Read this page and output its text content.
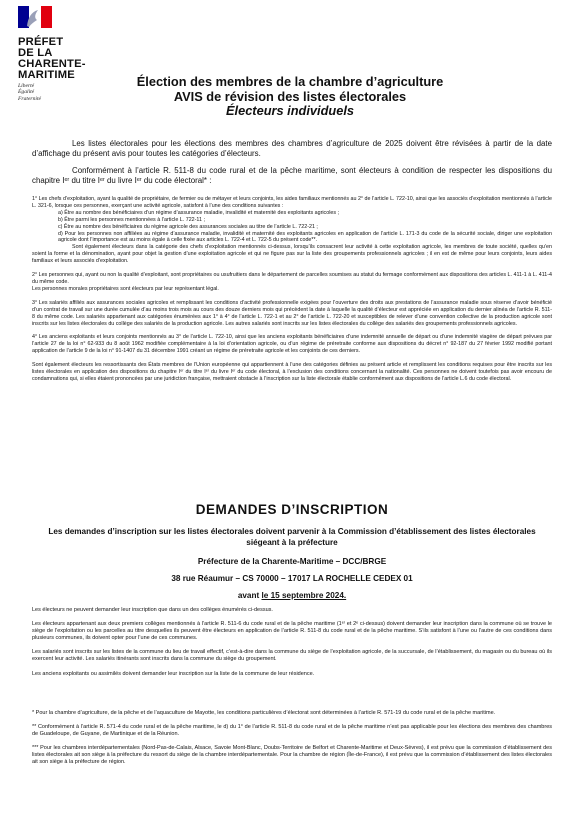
PRÉFET
DE LA
CHARENTE-
MARITIME
Liberté
Égalité
Fraternité
Élection des membres de la chambre d’agriculture
AVIS de révision des listes électorales
Électeurs individuels

Les listes électorales pour les élections des membres des chambres d’agriculture de 2025 doivent être révisées à partir de la date d’affichage du présent avis pour toutes les catégories d’électeurs.

Conformément à l’article R. 511-8 du code rural et de la pêche maritime, sont électeurs à condition de respecter les dispositions du chapitre Iᵉʳ du titre Iᵉʳ du livre Iᵉʳ du code électoral* :

1° Les chefs d’exploitation, ayant la qualité de propriétaire, de fermier ou de métayer et leurs conjoints, les aides familiaux mentionnés au 2° de l’article L. 722-10, ainsi que les associés d’exploitation mentionnés à l’article L. 321-6, lorsque ces personnes, exerçant une activité agricole, satisfont à l’une des conditions suivantes :

a) Être au nombre des bénéficiaires d’un régime d’assurance maladie, invalidité et maternité des exploitants agricoles ;

b) Être parmi les personnes mentionnées à l’article L. 722-11 ;

c) Être au nombre des bénéficiaires du régime agricole des assurances sociales au titre de l’article L. 722-21 ;

d) Pour les personnes non affiliées au régime d’assurance maladie, invalidité et maternité des exploitants agricoles en application de l’article L. 171-3 du code de la sécurité sociale, diriger une exploitation agricole dont l’importance est au moins égale à celle fixée aux articles L. 722-4 et L. 722-5 du présent code**.

Sont également électeurs dans la catégorie des chefs d’exploitation mentionnés ci-dessus, lorsqu’ils consacrent leur activité à cette exploitation agricole, les membres de toute société, quelles qu’en soient la forme et la dénomination, ayant pour objet la gestion d’une exploitation agricole et qui ne figure pas sur la liste des groupements professionnels agricoles ; il en est de même pour leurs conjoints, leurs aides familiaux et leurs associés d’exploitation.

2° Les personnes qui, ayant ou non la qualité d’exploitant, sont propriétaires ou usufruitiers dans le département de parcelles soumises au statut du fermage conformément aux dispositions des articles L. 411-1 à L. 411-4 du même code.

Les personnes morales propriétaires sont électeurs par leur représentant légal.

3° Les salariés affiliés aux assurances sociales agricoles et remplissant les conditions d’activité professionnelle exigées pour l’ouverture des droits aux prestations de l’assurance maladie sous réserve d’avoir bénéficié d’un contrat de travail sur une durée cumulée d’au moins trois mois au cours des douze derniers mois qui précèdent la date à laquelle la qualité d’électeur est appréciée en application du dernier alinéa de l’article R. 511-8 du même code. Les salariés appartenant aux catégories énumérées aux 1° à 4° de l’article L. 722-1 et au 2° de l’article L. 722-20 et susceptibles de relever d’une convention collective de la production agricole sont inscrits sur les listes électorales du collège des salariés de la production agricole. Les autres salariés sont inscrits sur les listes électorales du collège des salariés des groupements professionnels agricoles.

4° Les anciens exploitants et leurs conjoints mentionnés au 3° de l’article L. 722-10, ainsi que les anciens exploitants bénéficiaires d’une indemnité annuelle de départ ou d’une indemnité viagère de départ prévues par l’article 27 de la loi n° 62-933 du 8 août 1962 modifiée complémentaire à la loi d’orientation agricole, ou d’un régime de préretraite conforme aux dispositions du décret n° 92-187 du 27 février 1992 modifié portant application de l’article 9 de la loi n° 91-1407 du 31 décembre 1991 créant un régime de préretraite agricole et les conjoints de ces derniers.

Sont également électeurs les ressortissants des États membres de l’Union européenne qui appartiennent à l’une des catégories définies au présent article et remplissent les conditions requises pour être inscrits sur les listes électorales en application des dispositions du chapitre Iᵉʳ du titre Iᵉʳ du livre Iᵉʳ du code électoral, à l’exclusion des conditions concernant la nationalité. Ces personnes ne doivent toutefois pas avoir encouru de condamnations qui, si elles étaient prononcées par une juridiction française, mettraient obstacle à l’inscription sur la liste électorale établie conformément aux dispositions de l’article L.6 du code électoral.

DEMANDES D’INSCRIPTION
Les demandes d’inscription sur les listes électorales doivent parvenir à la Commission d’établissement des listes électorales siégeant à la préfecture
Préfecture de la Charente-Maritime – DCC/BRGE
38 rue Réaumur – CS 70000 – 17017 LA ROCHELLE CEDEX 01
avant le 15 septembre 2024.

Les électeurs ne peuvent demander leur inscription que dans un des collèges énumérés ci-dessus.

Les électeurs appartenant aux deux premiers collèges mentionnés à l’article R. 511-6 du code rural et de la pêche maritime (1ᵉʳ et 2ᵉ ci-dessus) doivent demander leur inscription dans la commune où se trouve le siège de l’exploitation ou les parcelles au titre desquelles ils peuvent être électeurs en application de l’article R. 511-8 du code rural et de la pêche maritime. S’ils satisfont à l’une ou l’autre de ces conditions dans plusieurs communes, ils doivent opter pour l’une de ces communes.

Les salariés sont inscrits sur les listes de la commune du lieu de travail effectif, c’est-à-dire dans la commune du siège de l’exploitation agricole, de la succursale, de l’établissement, du magasin ou du bureau où ils exercent leur activité. Les salariés itinérants sont inscrits dans la commune du siège du groupement.

Les anciens exploitants ou assimilés doivent demander leur inscription sur la liste de la commune de leur résidence.

* Pour la chambre d’agriculture, de la pêche et de l’aquaculture de Mayotte, les conditions particulières d’électorat sont déterminées à l’article R. 571-19 du code rural et de la pêche maritime.

** Conformément à l’article R. 571-4 du code rural et de la pêche maritime, le d) du 1° de l’article R. 511-8 du code rural et de la pêche maritime n’est pas applicable pour les élections des membres des chambres de Guadeloupe, de Guyane, de Martinique et de la Réunion.

*** Pour les chambres interdépartementales (Nord-Pas-de-Calais, Alsace, Savoie Mont-Blanc, Doubs-Territoire de Belfort et Charente-Maritime et Deux-Sèvres), il est prévu que la commission d’établissement des listes électorales ait son siège à la préfecture du ressort du siège de la chambre interdépartementale. Pour la chambre de région (Île-de-France), il est prévu que la commission d’établissement des listes électorales ait son siège à la préfecture de région.
